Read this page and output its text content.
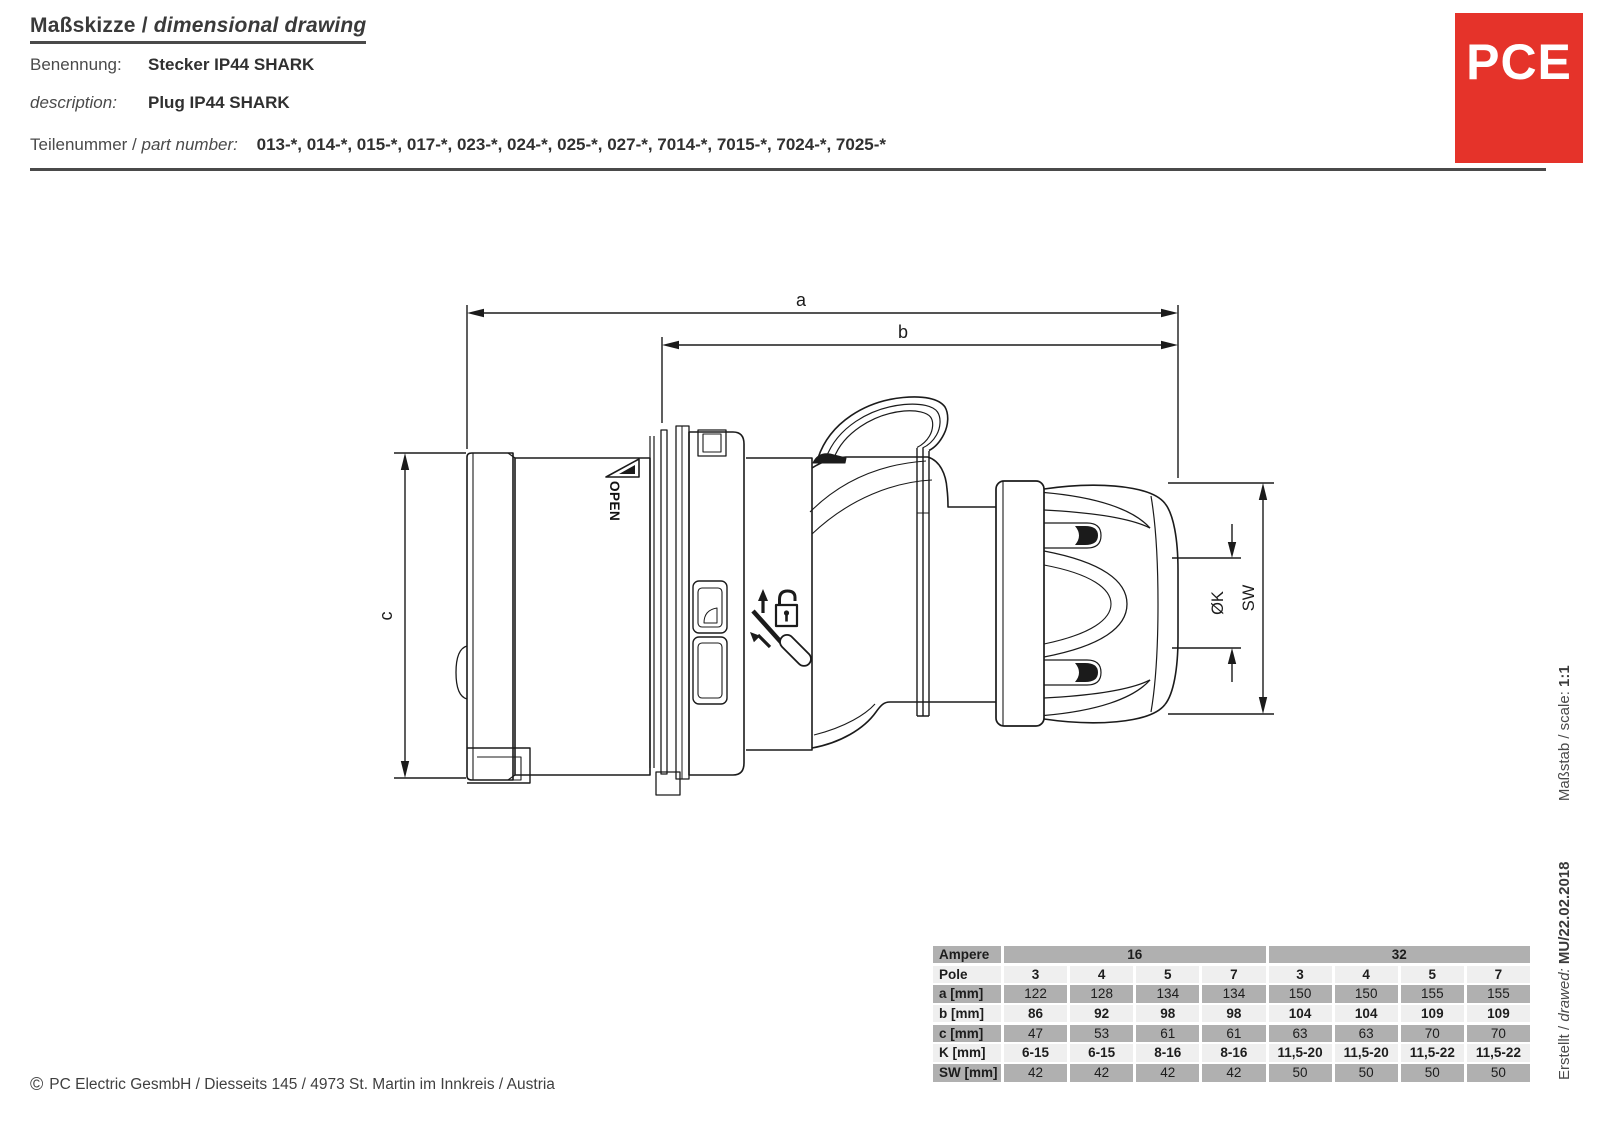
Maßskizze / dimensional drawing
Benennung: Stecker IP44 SHARK
description: Plug IP44 SHARK
Teilenummer / part number: 013-*, 014-*, 015-*, 017-*, 023-*, 024-*, 025-*, 027-*, 7014-*, 7015-*, 7024-*, 7025-*
PCE
a
b
c
ØK SW
OPEN
Ampere	16	32
Pole	3	4	5	7	3	4	5	7
a [mm]	122	128	134	134	150	150	155	155
b [mm]	86	92	98	98	104	104	109	109
c [mm]	47	53	61	61	63	63	70	70
K [mm]	6-15	6-15	8-16	8-16	11,5-20	11,5-20	11,5-22	11,5-22
SW [mm]	42	42	42	42	50	50	50	50
© PC Electric GesmbH / Diesseits 145 / 4973 St. Martin im Innkreis / Austria
Erstellt / drawed: MU/22.02.2018  Maßstab / scale: 1:1
